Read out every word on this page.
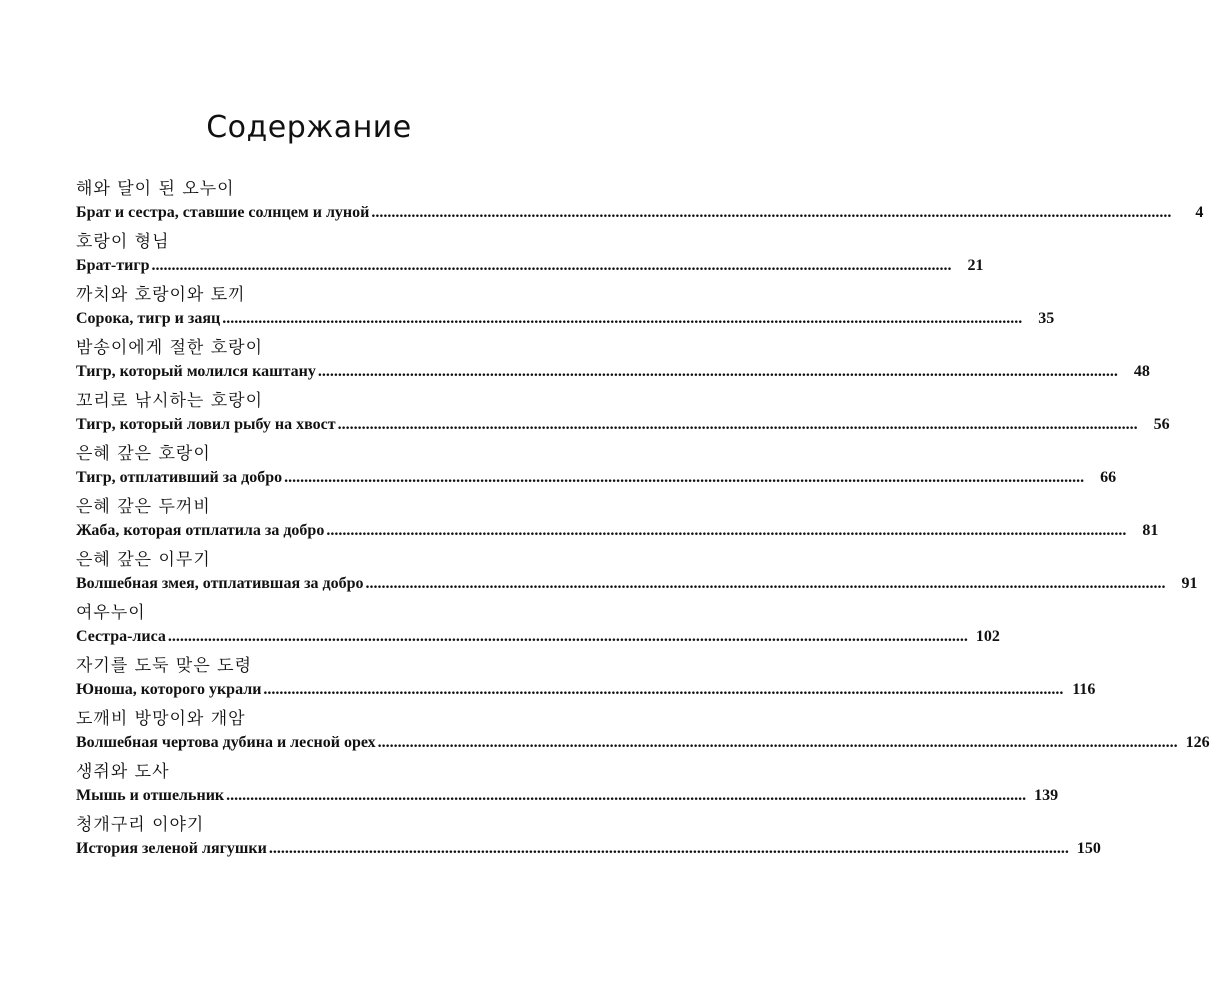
Содержание
해와 달이 된 오누이
Брат и сестра, ставшие солнцем и луной ........................................................................................................................................................................................................	4
호랑이 형님
Брат-тигр ........................................................................................................................................................................................................	21
까치와 호랑이와 토끼
Сорока, тигр и заяц ........................................................................................................................................................................................................	35
밤송이에게 절한 호랑이
Тигр, который молился каштану ........................................................................................................................................................................................................	48
꼬리로 낚시하는 호랑이
Тигр, который ловил рыбу на хвост ........................................................................................................................................................................................................	56
은혜 갚은 호랑이
Тигр, отплативший за добро ........................................................................................................................................................................................................	66
은혜 갚은 두꺼비
Жаба, которая отплатила за добро ........................................................................................................................................................................................................	81
은혜 갚은 이무기
Волшебная змея, отплатившая за добро ........................................................................................................................................................................................................	91
여우누이
Сестра-лиса ........................................................................................................................................................................................................ 102
자기를 도둑 맞은 도령
Юноша, которого украли ........................................................................................................................................................................................................ 116
도깨비 방망이와 개암
Волшебная чертова дубина и лесной орех ........................................................................................................................................................................................................ 126
생쥐와 도사
Мышь и отшельник ........................................................................................................................................................................................................ 139
청개구리 이야기
История зеленой лягушки ........................................................................................................................................................................................................ 150
